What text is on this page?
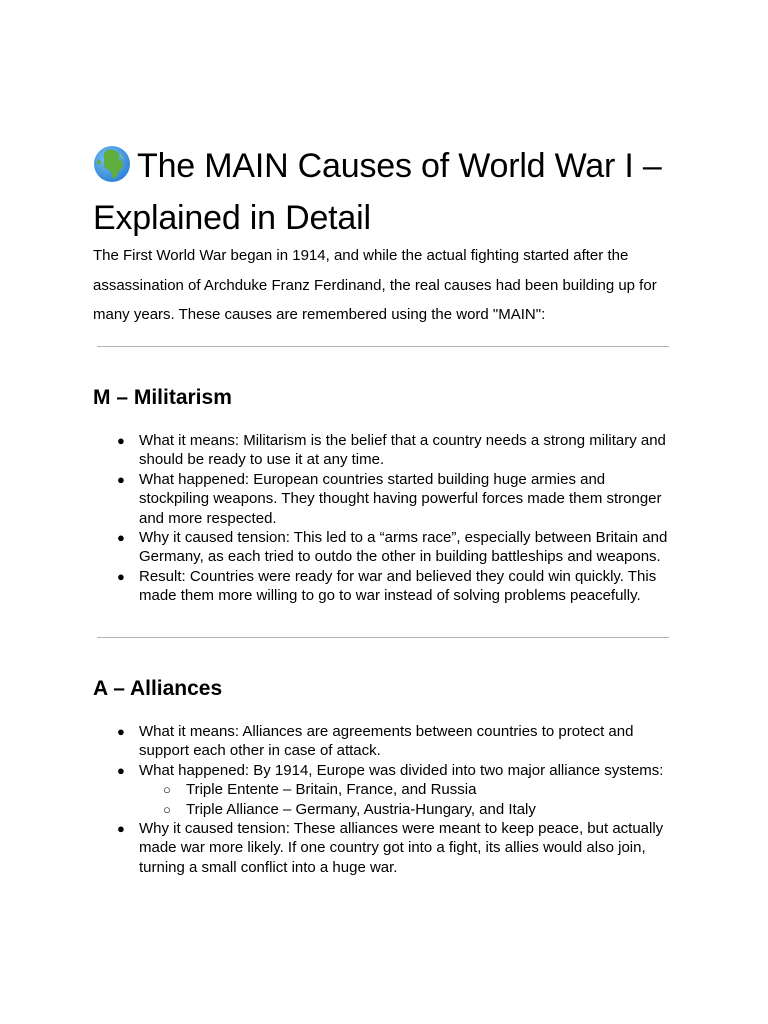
The MAIN Causes of World War I – Explained in Detail

The First World War began in 1914, and while the actual fighting started after the assassination of Archduke Franz Ferdinand, the real causes had been building up for many years. These causes are remembered using the word "MAIN":

M – Militarism
● What it means: Militarism is the belief that a country needs a strong military and should be ready to use it at any time.
● What happened: European countries started building huge armies and stockpiling weapons. They thought having powerful forces made them stronger and more respected.
● Why it caused tension: This led to a “arms race”, especially between Britain and Germany, as each tried to outdo the other in building battleships and weapons.
● Result: Countries were ready for war and believed they could win quickly. This made them more willing to go to war instead of solving problems peacefully.
A – Alliances
● What it means: Alliances are agreements between countries to protect and support each other in case of attack.
● What happened: By 1914, Europe was divided into two major alliance systems:
○ Triple Entente – Britain, France, and Russia
○ Triple Alliance – Germany, Austria-Hungary, and Italy
● Why it caused tension: These alliances were meant to keep peace, but actually made war more likely. If one country got into a fight, its allies would also join, turning a small conflict into a huge war.
